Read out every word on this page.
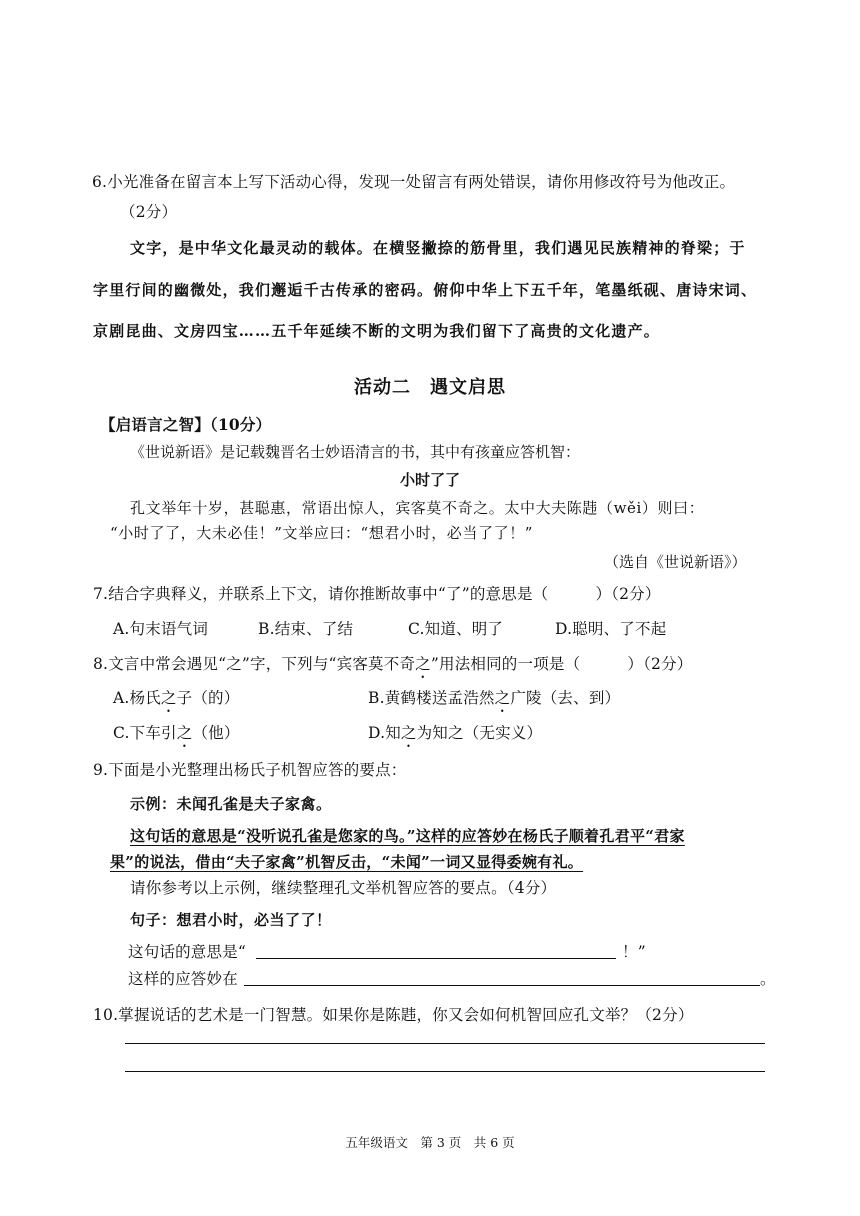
6.小光准备在留言本上写下活动心得，发现一处留言有两处错误，请你用修改符号为他改正。
（2分）
文字，是中华文化最灵动的载体。在横竖撇捺的筋骨里，我们遇见民族精神的脊梁；于
字里行间的幽微处，我们邂逅千古传承的密码。俯仰中华上下五千年，笔墨纸砚、唐诗宋词、
京剧昆曲、文房四宝……五千年延续不断的文明为我们留下了高贵的文化遗产。
活动二　遇文启思
【启语言之智】（10分）
《世说新语》是记载魏晋名士妙语清言的书，其中有孩童应答机智：
小时了了
孔文举年十岁，甚聪惠，常语出惊人，宾客莫不奇之。太中大夫陈韪（wěi）则曰：
“小时了了，大未必佳！”文举应曰：“想君小时，必当了了！”
（选自《世说新语》）
7.结合字典释义，并联系上下文，请你推断故事中“了”的意思是（　　　）（2分）
A.句末语气词	B.结束、了结	C.知道、明了	D.聪明、了不起
8.文言中常会遇见“之”字，下列与“宾客莫不奇之”用法相同的一项是（　　　）（2分）
A.杨氏之子（的）	B.黄鹤楼送孟浩然之广陵（去、到）
C.下车引之（他）	D.知之为知之（无实义）
9.下面是小光整理出杨氏子机智应答的要点：
示例：未闻孔雀是夫子家禽。
这句话的意思是“没听说孔雀是您家的鸟。”这样的应答妙在杨氏子顺着孔君平“君家
果”的说法，借由“夫子家禽”机智反击，“未闻”一词又显得委婉有礼。
请你参考以上示例，继续整理孔文举机智应答的要点。（4分）
句子：想君小时，必当了了！
这句话的意思是“	！”
这样的应答妙在	。
10.掌握说话的艺术是一门智慧。如果你是陈韪，你又会如何机智回应孔文举？（2分）
五年级语文　第 3 页　共 6 页
